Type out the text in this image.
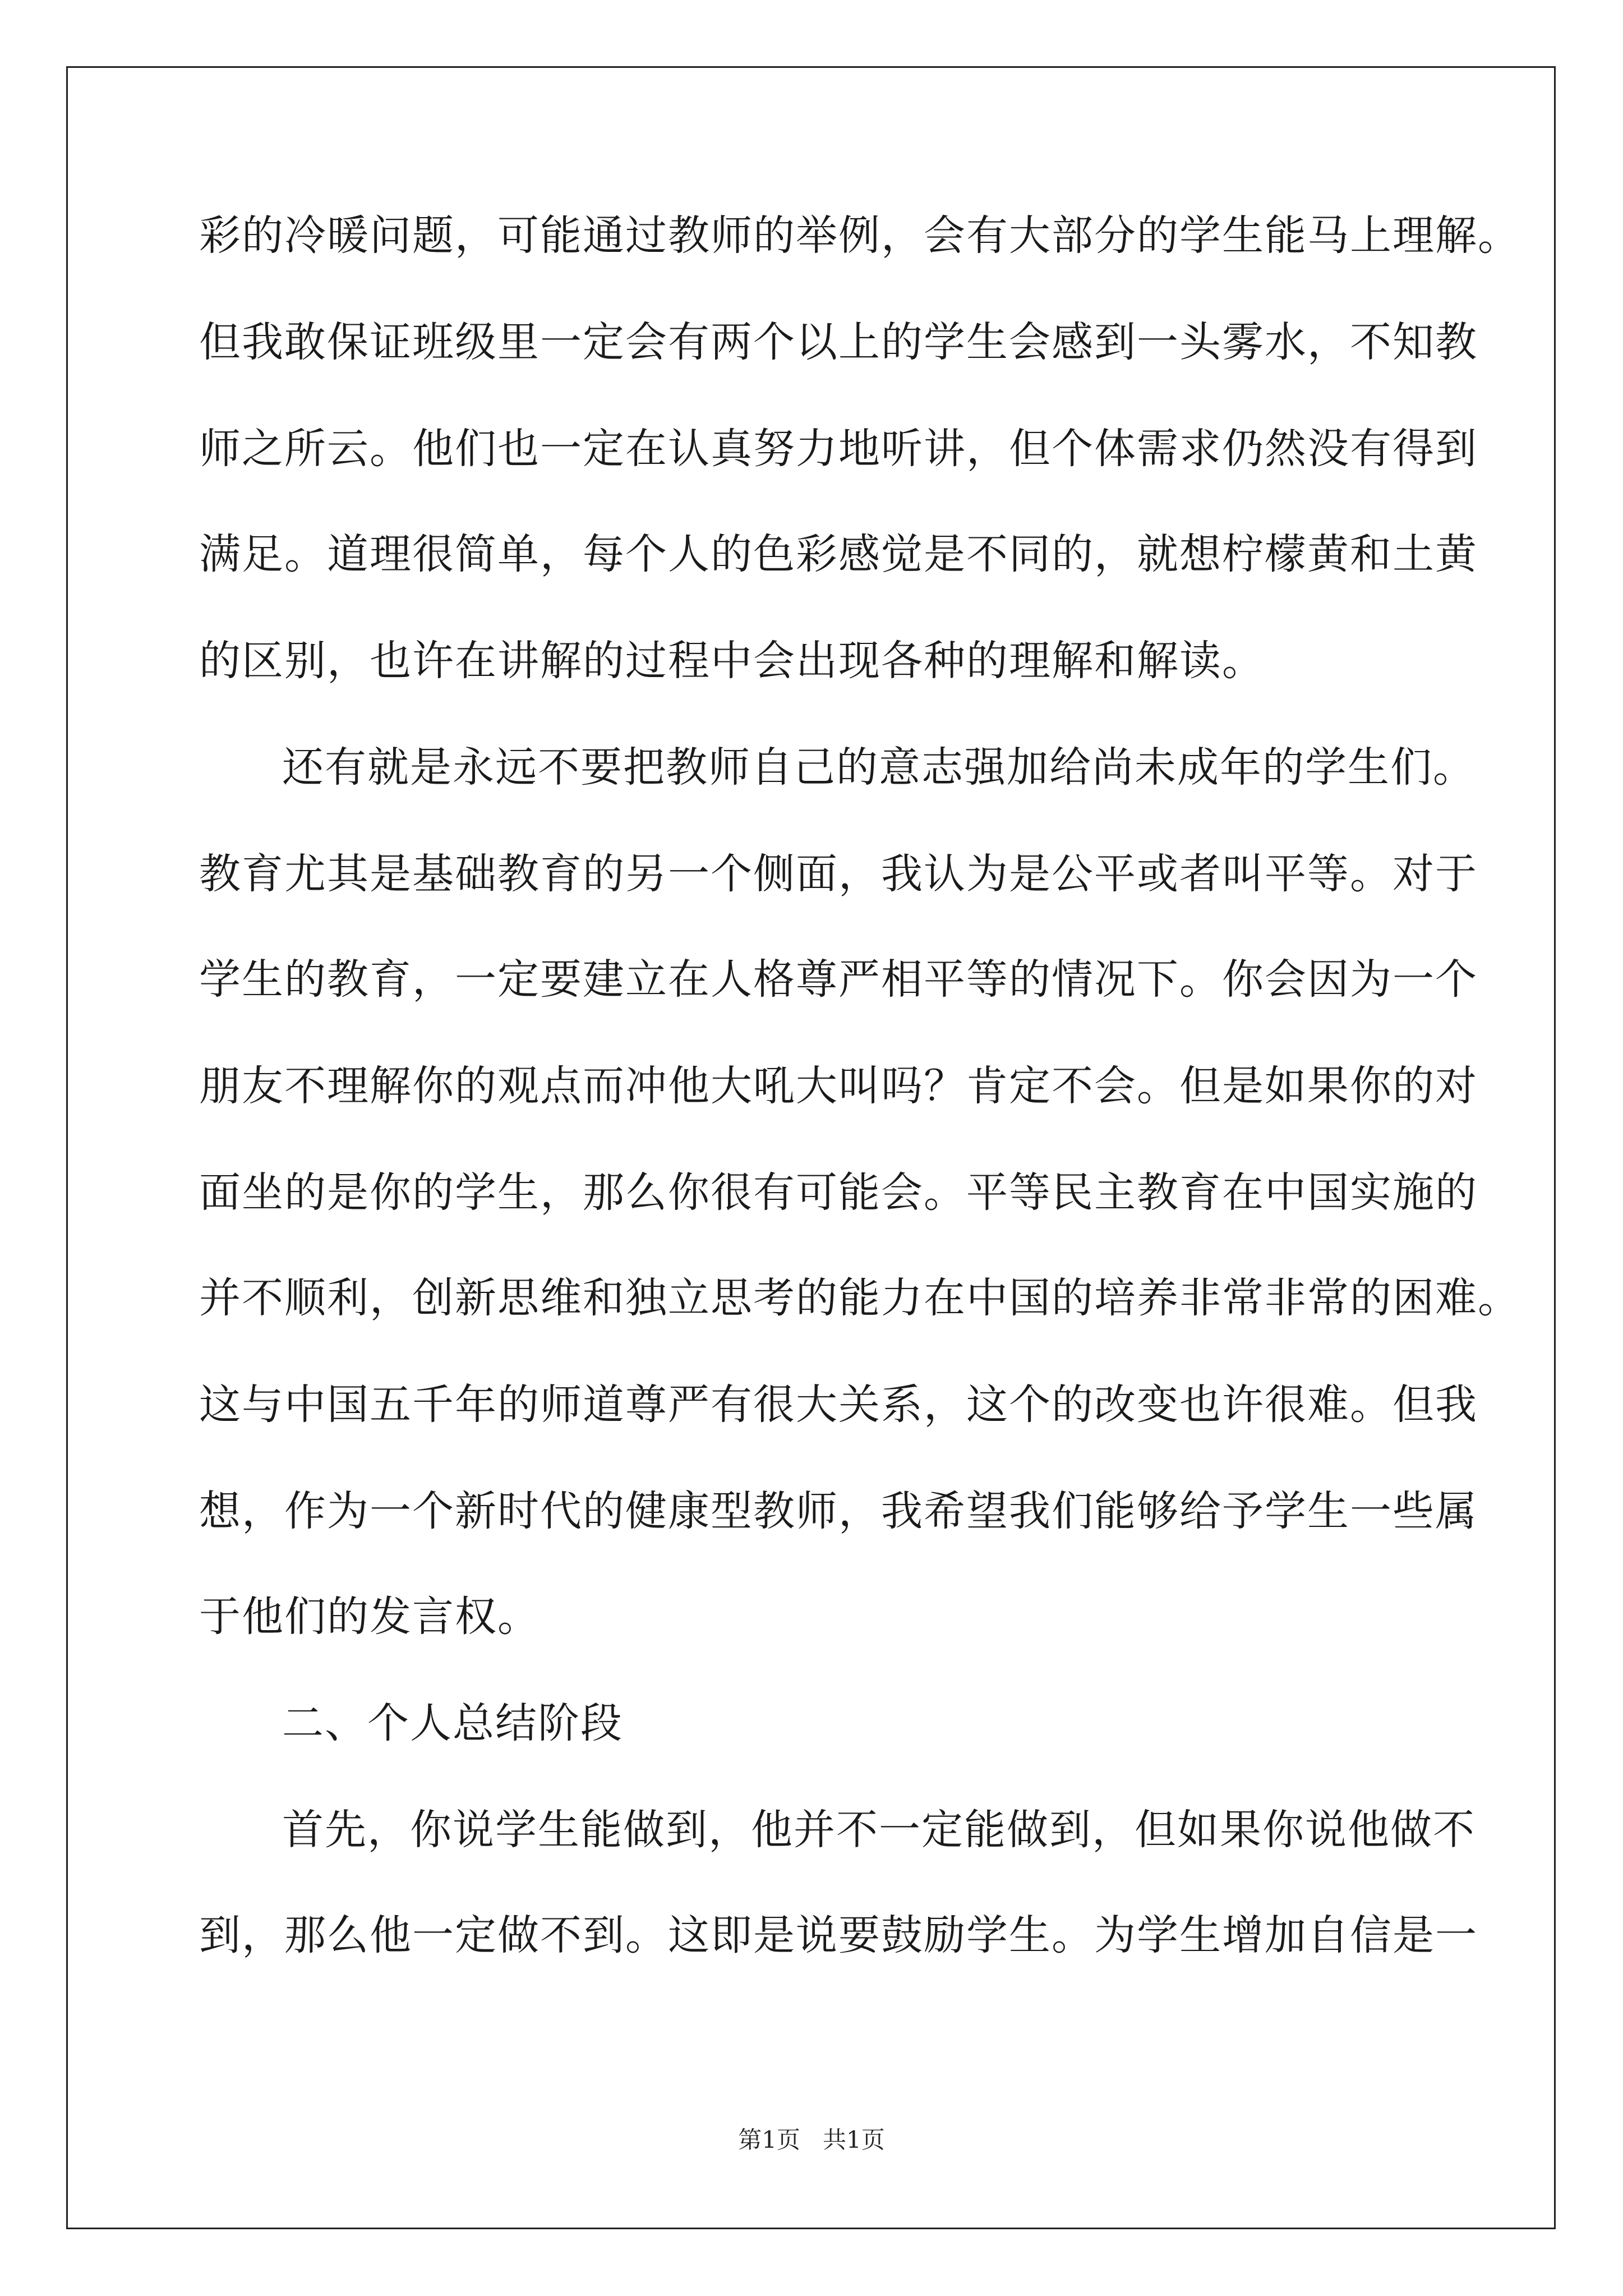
彩的冷暖问题，可能通过教师的举例，会有大部分的学生能马上理解。
但我敢保证班级里一定会有两个以上的学生会感到一头雾水，不知教
师之所云。他们也一定在认真努力地听讲，但个体需求仍然没有得到
满足。道理很简单，每个人的色彩感觉是不同的，就想柠檬黄和土黄
的区别，也许在讲解的过程中会出现各种的理解和解读。
还有就是永远不要把教师自己的意志强加给尚未成年的学生们。
教育尤其是基础教育的另一个侧面，我认为是公平或者叫平等。对于
学生的教育，一定要建立在人格尊严相平等的情况下。你会因为一个
朋友不理解你的观点而冲他大吼大叫吗？肯定不会。但是如果你的对
面坐的是你的学生，那么你很有可能会。平等民主教育在中国实施的
并不顺利，创新思维和独立思考的能力在中国的培养非常非常的困难。
这与中国五千年的师道尊严有很大关系，这个的改变也许很难。但我
想，作为一个新时代的健康型教师，我希望我们能够给予学生一些属
于他们的发言权。
二、个人总结阶段
首先，你说学生能做到，他并不一定能做到，但如果你说他做不
到，那么他一定做不到。这即是说要鼓励学生。为学生增加自信是一
第1页 共1页
